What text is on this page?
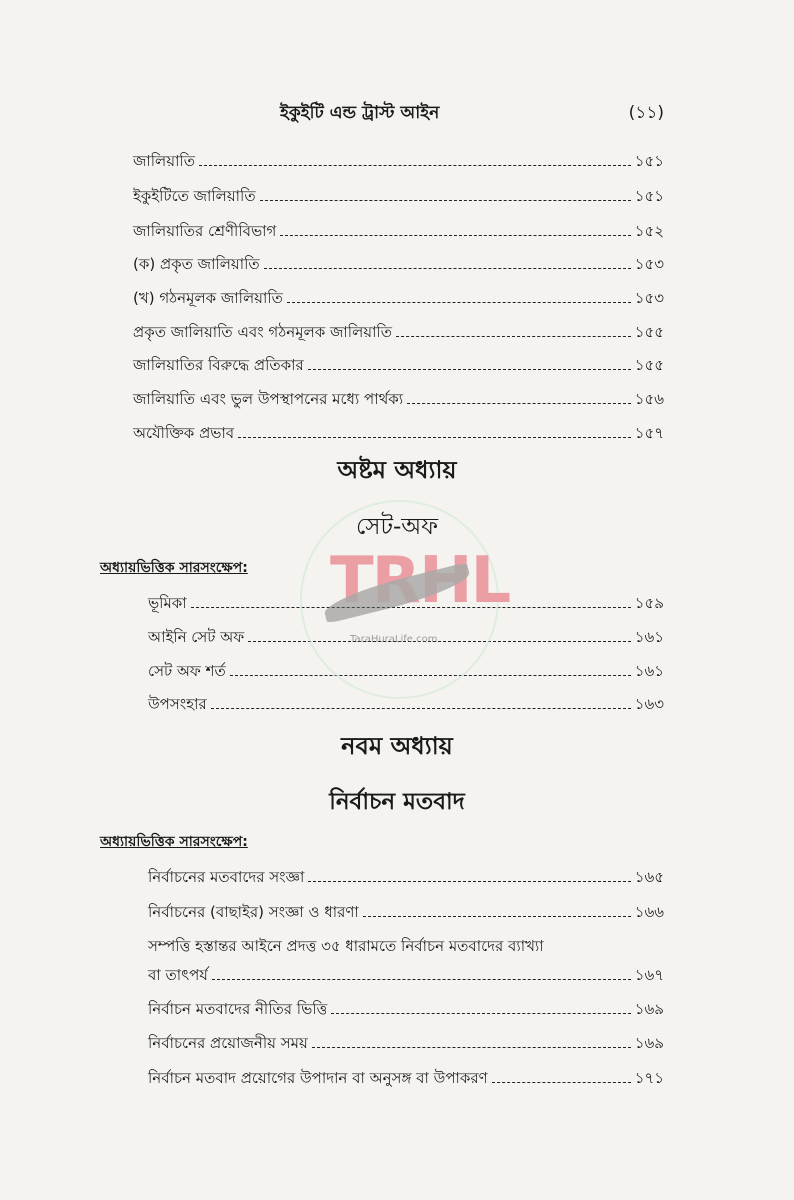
ইকুইটি এন্ড ট্রাস্ট আইন	(১১)
জালিয়াতি	১৫১
ইকুইটিতে জালিয়াতি	১৫১
জালিয়াতির শ্রেণীবিভাগ	১৫২
(ক) প্রকৃত জালিয়াতি	১৫৩
(খ) গঠনমূলক জালিয়াতি	১৫৩
প্রকৃত জালিয়াতি এবং গঠনমূলক জালিয়াতি	১৫৫
জালিয়াতির বিরুদ্ধে প্রতিকার	১৫৫
জালিয়াতি এবং ভুল উপস্থাপনের মধ্যে পার্থক্য	১৫৬
অযৌক্তিক প্রভাব	১৫৭
অষ্টম অধ্যায়
সেট-অফ
অধ্যায়ভিত্তিক সারসংক্ষেপ:
ভূমিকা	১৫৯
আইনি সেট অফ	১৬১
সেট অফ শর্ত	১৬১
উপসংহার	১৬৩
নবম অধ্যায়
নির্বাচন মতবাদ
অধ্যায়ভিত্তিক সারসংক্ষেপ:
নির্বাচনের মতবাদের সংজ্ঞা	১৬৫
নির্বাচনের (বাছাইর) সংজ্ঞা ও ধারণা	১৬৬
সম্পত্তি হস্তান্তর আইনে প্রদত্ত ৩৫ ধারামতে নির্বাচন মতবাদের ব্যাখ্যা
বা তাৎপর্য	১৬৭
নির্বাচন মতবাদের নীতির ভিত্তি	১৬৯
নির্বাচনের প্রয়োজনীয় সময়	১৬৯
নির্বাচন মতবাদ প্রয়োগের উপাদান বা অনুসঙ্গ বা উপাকরণ	১৭১
TRHL
TaraHuraLife.com
